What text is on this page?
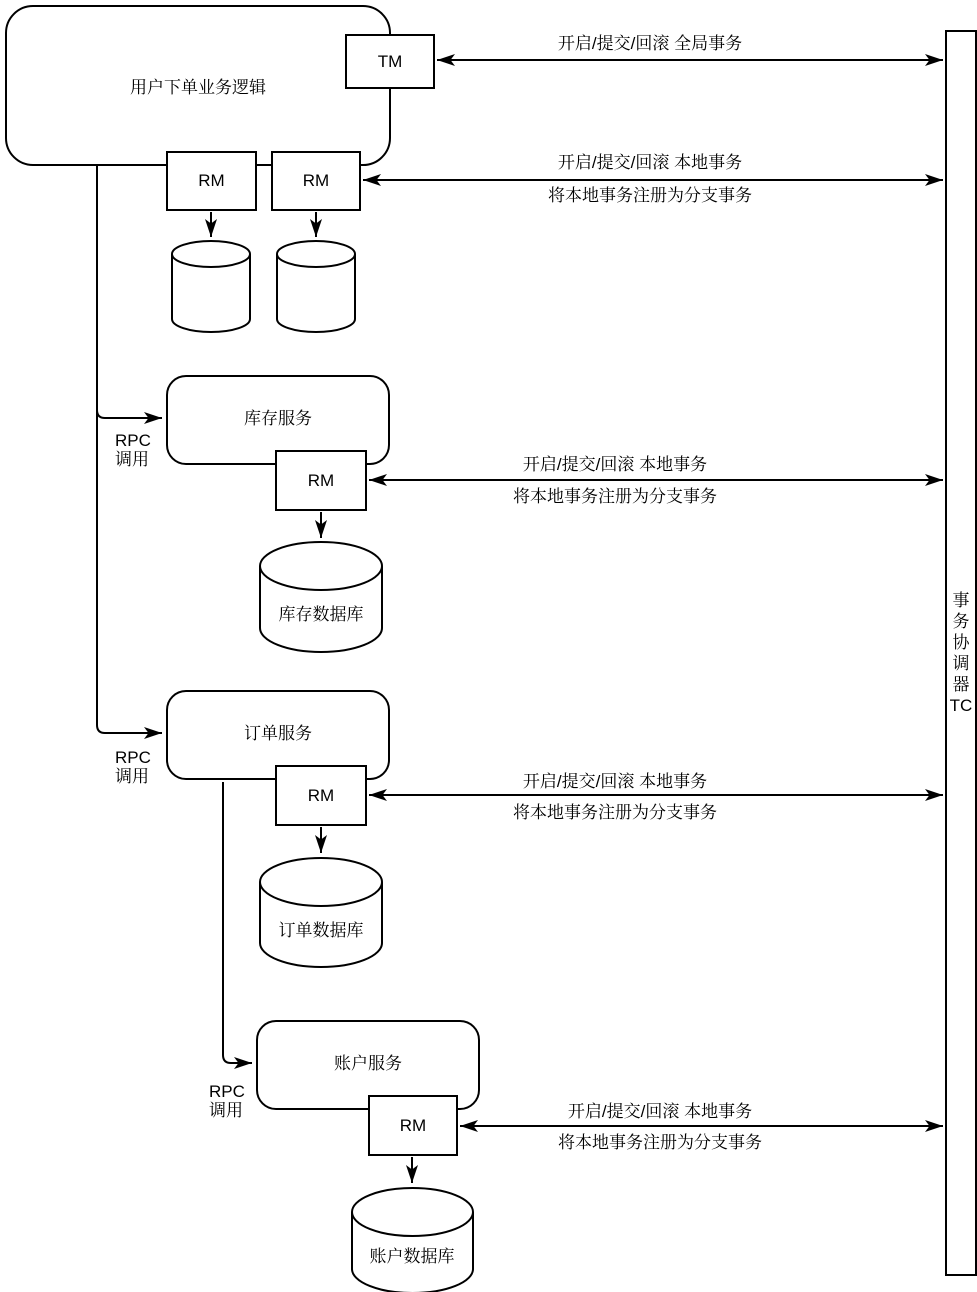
用户下单业务逻辑
库存服务
订单服务
账户服务
事
务
协
调
器
TC
TM
RM	RM
RM
RM
RM
开启/提交/回滚 全局事务
开启/提交/回滚 本地事务
将本地事务注册为分支事务
开启/提交/回滚 本地事务
将本地事务注册为分支事务
开启/提交/回滚 本地事务
将本地事务注册为分支事务
开启/提交/回滚 本地事务
将本地事务注册为分支事务
RPC
调用
RPC
调用
RPC
调用
库存数据库
订单数据库
账户数据库
